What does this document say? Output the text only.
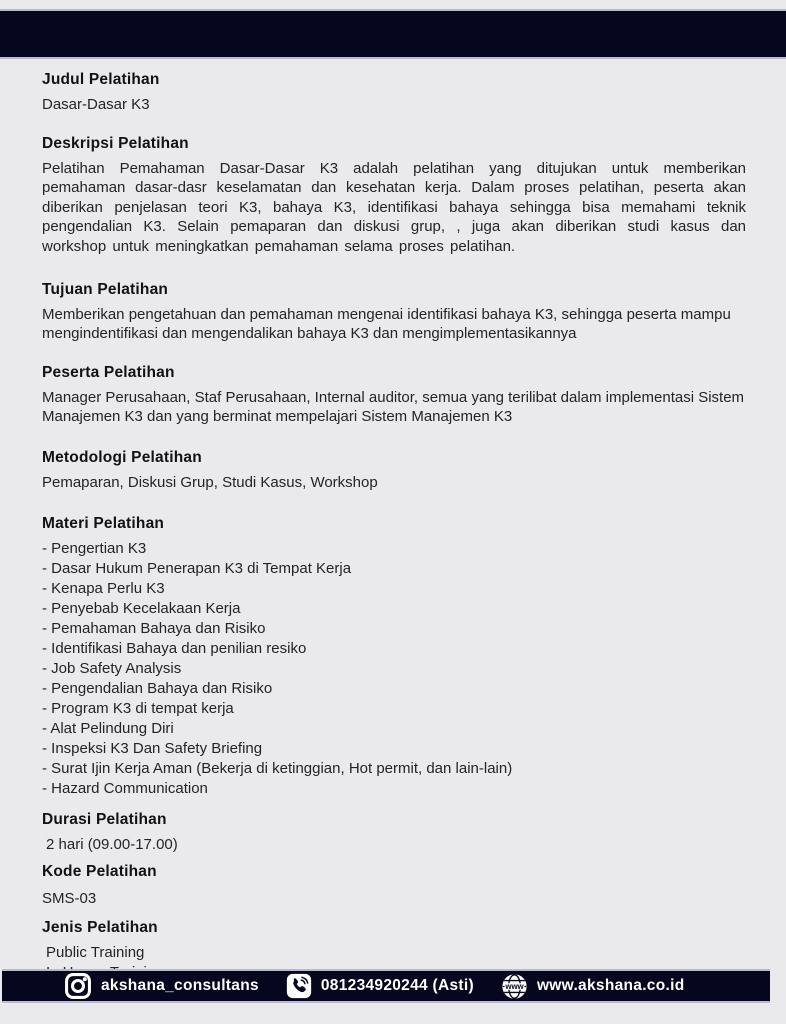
Judul Pelatihan
Dasar-Dasar K3
Deskripsi Pelatihan

Pelatihan Pemahaman Dasar-Dasar K3 adalah pelatihan yang ditujukan untuk memberikan pemahaman dasar-dasr keselamatan dan kesehatan kerja. Dalam proses pelatihan, peserta akan diberikan penjelasan teori K3, bahaya K3, identifikasi bahaya sehingga bisa memahami teknik pengendalian K3. Selain pemaparan dan diskusi grup, , juga akan diberikan studi kasus dan workshop untuk meningkatkan pemahaman selama proses pelatihan.

Tujuan Pelatihan

Memberikan pengetahuan dan pemahaman mengenai identifikasi bahaya K3, sehingga peserta mampu mengindentifikasi dan mengendalikan bahaya K3 dan mengimplementasikannya

Peserta Pelatihan

Manager Perusahaan, Staf Perusahaan, Internal auditor, semua yang terilibat dalam implementasi Sistem Manajemen K3 dan yang berminat mempelajari Sistem Manajemen K3

Metodologi Pelatihan

Pemaparan, Diskusi Grup, Studi Kasus, Workshop

Materi Pelatihan
- Pengertian K3
- Dasar Hukum Penerapan K3 di Tempat Kerja
- Kenapa Perlu K3
- Penyebab Kecelakaan Kerja
- Pemahaman Bahaya dan Risiko
- Identifikasi Bahaya dan penilian resiko
- Job Safety Analysis
- Pengendalian Bahaya dan Risiko
- Program K3 di tempat kerja
- Alat Pelindung Diri
- Inspeksi K3 Dan Safety Briefing
- Surat Ijin Kerja Aman (Bekerja di ketinggian, Hot permit, dan lain-lain)
- Hazard Communication
Durasi Pelatihan
2 hari (09.00-17.00)
Kode Pelatihan
SMS-03
Jenis Pelatihan
Public Training
akshana_consultans	081234920244 (Asti)	www www.akshana.co.id
